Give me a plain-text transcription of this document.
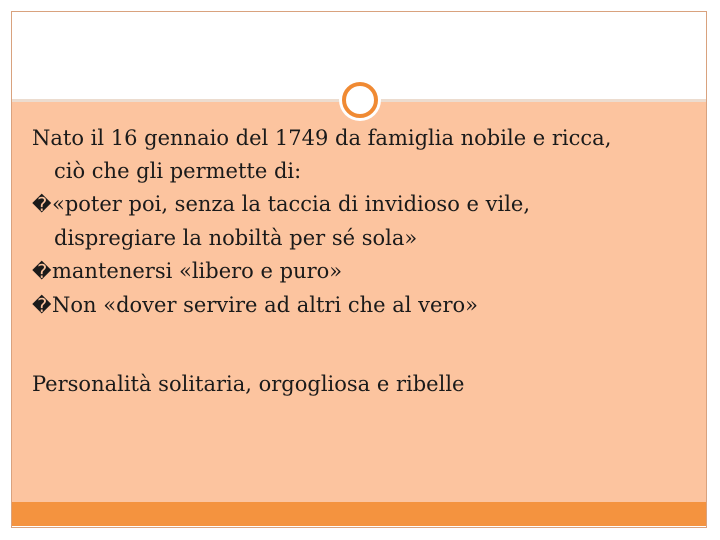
Nato il 16 gennaio del 1749 da famiglia nobile e ricca,

ciò che gli permette di:

� «poter poi, senza la taccia di invidioso e vile,

dispregiare la nobiltà per sé sola»

� mantenersi «libero e puro»
� Non «dover servire ad altri che al vero»

Personalità solitaria, orgogliosa e ribelle
